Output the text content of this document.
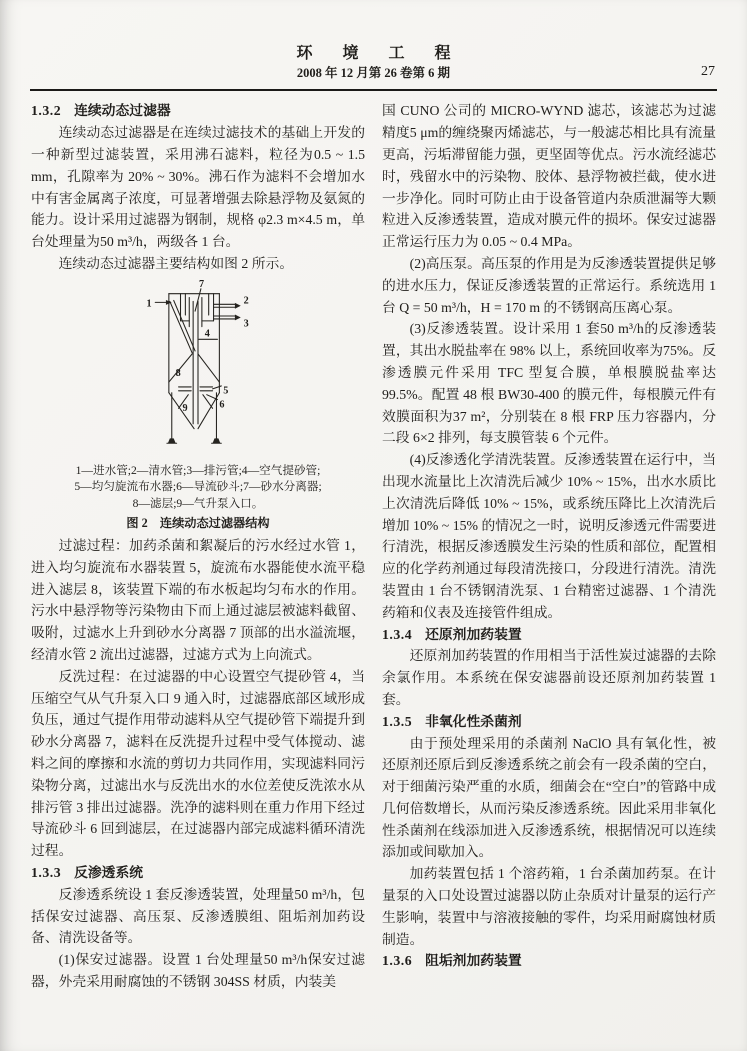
环 境 工 程
2008 年 12 月第 26 卷第 6 期	27
1.3.2 连续动态过滤器

连续动态过滤器是在连续过滤技术的基础上开发的一种新型过滤装置，采用沸石滤料，粒径为0.5 ~ 1.5 mm，孔隙率为 20% ~ 30%。沸石作为滤料不会增加水中有害金属离子浓度，可显著增强去除悬浮物及氨氮的能力。设计采用过滤器为钢制，规格 φ2.3 m×4.5 m，单台处理量为50 m³/h，两级各 1 台。

连续动态过滤器主要结构如图 2 所示。

1	2
3
4
5
6
7
8
9
1—进水管;2—清水管;3—排污管;4—空气提砂管;
5—均匀旋流布水器;6—导流砂斗;7—砂水分离器;
8—滤层;9—气升泵入口。
图 2　连续动态过滤器结构

过滤过程：加药杀菌和絮凝后的污水经过水管 1，进入均匀旋流布水器装置 5，旋流布水器能使水流平稳进入滤层 8，该装置下端的布水板起均匀布水的作用。污水中悬浮物等污染物由下而上通过滤层被滤料截留、吸附，过滤水上升到砂水分离器 7 顶部的出水溢流堰，经清水管 2 流出过滤器，过滤方式为上向流式。

反洗过程：在过滤器的中心设置空气提砂管 4，当压缩空气从气升泵入口 9 通入时，过滤器底部区域形成负压，通过气提作用带动滤料从空气提砂管下端提升到砂水分离器 7，滤料在反洗提升过程中受气体搅动、滤料之间的摩擦和水流的剪切力共同作用，实现滤料同污染物分离，过滤出水与反洗出水的水位差使反洗浓水从排污管 3 排出过滤器。洗净的滤料则在重力作用下经过导流砂斗 6 回到滤层，在过滤器内部完成滤料循环清洗过程。

1.3.3 反渗透系统

反渗透系统设 1 套反渗透装置，处理量50 m³/h，包括保安过滤器、高压泵、反渗透膜组、阻垢剂加药设备、清洗设备等。

(1)保安过滤器。设置 1 台处理量50 m³/h保安过滤器，外壳采用耐腐蚀的不锈钢 304SS 材质，内装美

国 CUNO 公司的 MICRO-WYND 滤芯，该滤芯为过滤精度5 μm的缠绕聚丙烯滤芯，与一般滤芯相比具有流量更高，污垢滞留能力强，更坚固等优点。污水流经滤芯时，残留水中的污染物、胶体、悬浮物被拦截，使水进一步净化。同时可防止由于设备管道内杂质泄漏等大颗粒进入反渗透装置，造成对膜元件的损坏。保安过滤器正常运行压力为 0.05 ~ 0.4 MPa。

(2)高压泵。高压泵的作用是为反渗透装置提供足够的进水压力，保证反渗透装置的正常运行。系统选用 1 台 Q = 50 m³/h，H = 170 m 的不锈钢高压离心泵。

(3)反渗透装置。设计采用 1 套50 m³/h的反渗透装置，其出水脱盐率在 98% 以上，系统回收率为75%。反渗透膜元件采用 TFC 型复合膜，单根膜脱盐率达 99.5%。配置 48 根 BW30-400 的膜元件，每根膜元件有效膜面积为37 m²，分别装在 8 根 FRP 压力容器内，分二段 6×2 排列，每支膜管装 6 个元件。

(4)反渗透化学清洗装置。反渗透装置在运行中，当出现水流量比上次清洗后减少 10% ~ 15%，出水水质比上次清洗后降低 10% ~ 15%，或系统压降比上次清洗后增加 10% ~ 15% 的情况之一时，说明反渗透元件需要进行清洗，根据反渗透膜发生污染的性质和部位，配置相应的化学药剂通过每段清洗接口，分段进行清洗。清洗装置由 1 台不锈钢清洗泵、1 台精密过滤器、1 个清洗药箱和仪表及连接管件组成。

1.3.4 还原剂加药装置

还原剂加药装置的作用相当于活性炭过滤器的去除余氯作用。本系统在保安滤器前设还原剂加药装置 1 套。

1.3.5 非氧化性杀菌剂

由于预处理采用的杀菌剂 NaClO 具有氧化性，被还原剂还原后到反渗透系统之前会有一段杀菌的空白，对于细菌污染严重的水质，细菌会在“空白”的管路中成几何倍数增长，从而污染反渗透系统。因此采用非氧化性杀菌剂在线添加进入反渗透系统，根据情况可以连续添加或间歇加入。

加药装置包括 1 个溶药箱，1 台杀菌加药泵。在计量泵的入口处设置过滤器以防止杂质对计量泵的运行产生影响，装置中与溶液接触的零件，均采用耐腐蚀材质制造。

1.3.6 阻垢剂加药装置
